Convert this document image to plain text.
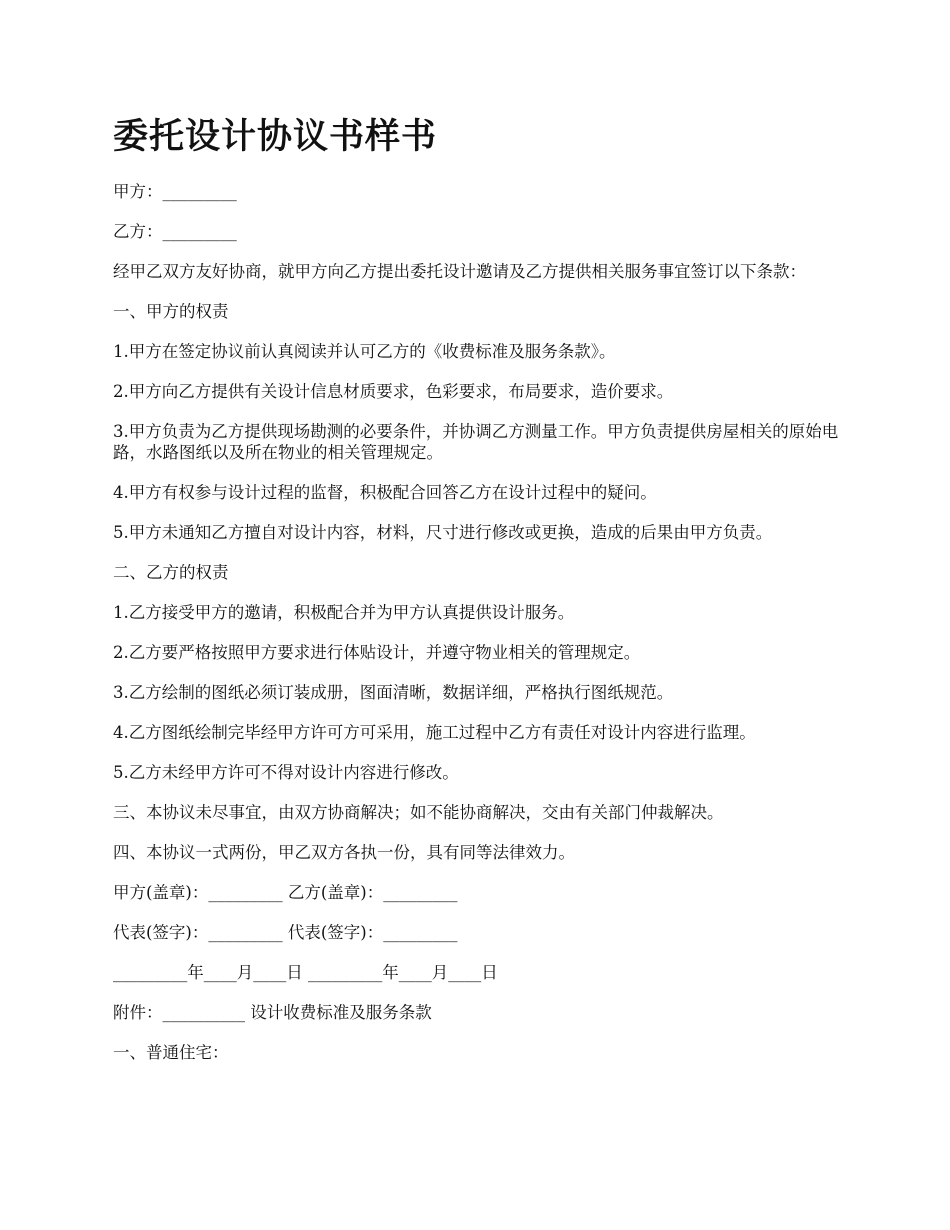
委托设计协议书样书

甲方：_________

乙方：_________

经甲乙双方友好协商，就甲方向乙方提出委托设计邀请及乙方提供相关服务事宜签订以下条款：

一、甲方的权责

1.甲方在签定协议前认真阅读并认可乙方的《收费标准及服务条款》。

2.甲方向乙方提供有关设计信息材质要求，色彩要求，布局要求，造价要求。

3.甲方负责为乙方提供现场勘测的必要条件，并协调乙方测量工作。甲方负责提供房屋相关的原始电路，水路图纸以及所在物业的相关管理规定。

4.甲方有权参与设计过程的监督，积极配合回答乙方在设计过程中的疑问。

5.甲方未通知乙方擅自对设计内容，材料，尺寸进行修改或更换，造成的后果由甲方负责。

二、乙方的权责

1.乙方接受甲方的邀请，积极配合并为甲方认真提供设计服务。

2.乙方要严格按照甲方要求进行体贴设计，并遵守物业相关的管理规定。

3.乙方绘制的图纸必须订装成册，图面清晰，数据详细，严格执行图纸规范。

4.乙方图纸绘制完毕经甲方许可方可采用，施工过程中乙方有责任对设计内容进行监理。

5.乙方未经甲方许可不得对设计内容进行修改。

三、本协议未尽事宜，由双方协商解决；如不能协商解决，交由有关部门仲裁解决。

四、本协议一式两份，甲乙双方各执一份，具有同等法律效力。

甲方(盖章)：_________ 乙方(盖章)：_________

代表(签字)：_________ 代表(签字)：_________

_________年____月____日 _________年____月____日

附件：__________ 设计收费标准及服务条款

一、普通住宅：
